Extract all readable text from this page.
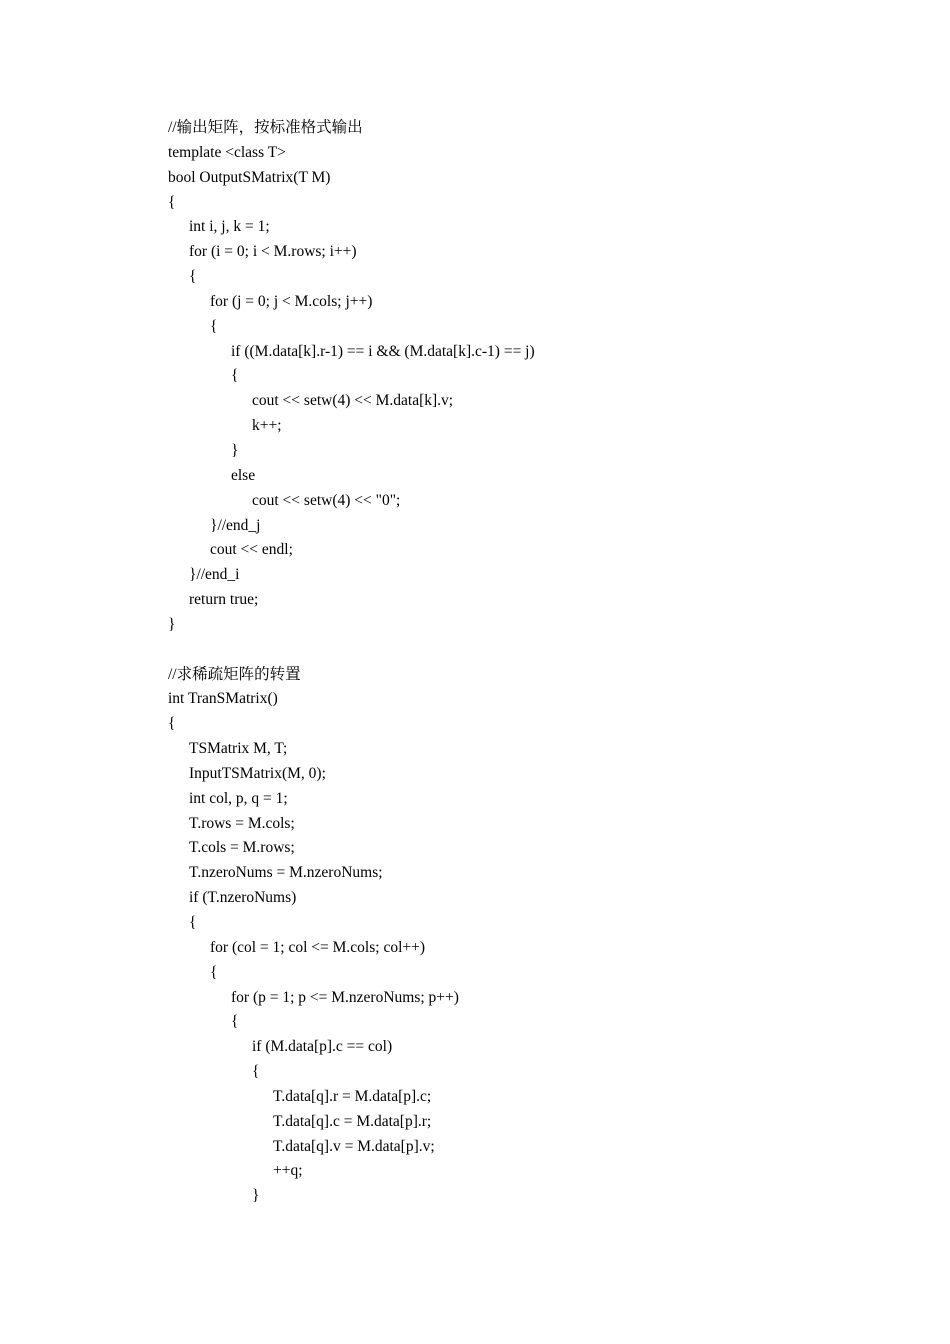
//输出矩阵，按标准格式输出
template <class T>
bool OutputSMatrix(T M)
{
int i, j, k = 1;
for (i = 0; i < M.rows; i++)
{
for (j = 0; j < M.cols; j++)
{
if ((M.data[k].r-1) == i && (M.data[k].c-1) == j)
{
cout << setw(4) << M.data[k].v;
k++;
}
else
cout << setw(4) << "0";
}//end_j
cout << endl;
}//end_i
return true;
}
//求稀疏矩阵的转置
int TranSMatrix()
{
TSMatrix M, T;
InputTSMatrix(M, 0);
int col, p, q = 1;
T.rows = M.cols;
T.cols = M.rows;
T.nzeroNums = M.nzeroNums;
if (T.nzeroNums)
{
for (col = 1; col <= M.cols; col++)
{
for (p = 1; p <= M.nzeroNums; p++)
{
if (M.data[p].c == col)
{
T.data[q].r = M.data[p].c;
T.data[q].c = M.data[p].r;
T.data[q].v = M.data[p].v;
++q;
}
